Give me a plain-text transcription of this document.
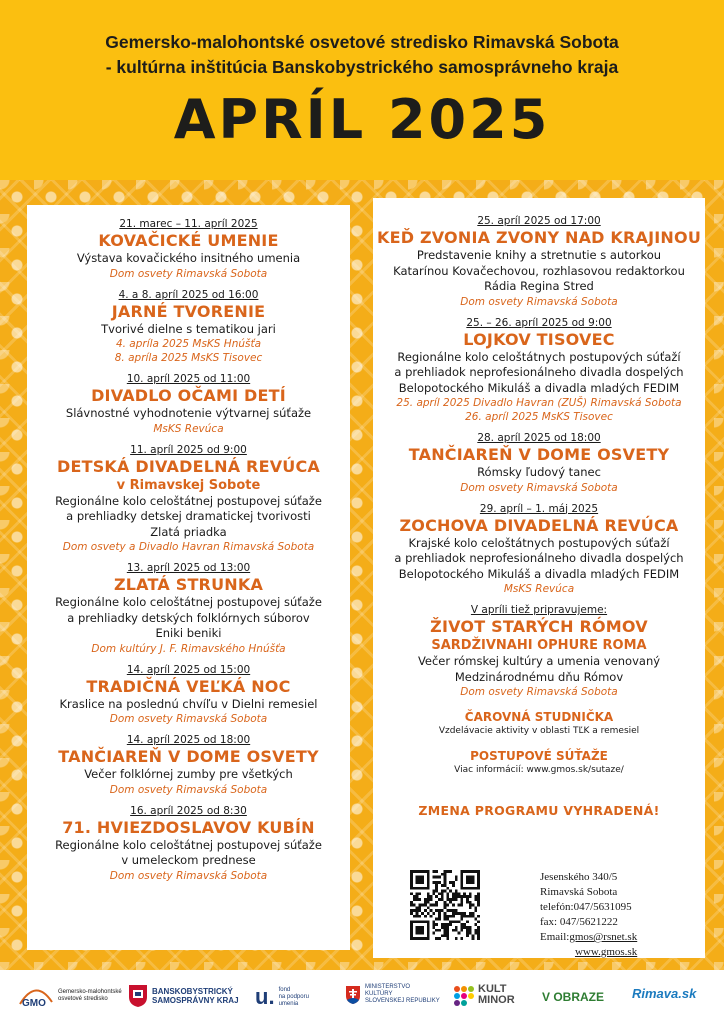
Gemersko-malohontské osvetové stredisko Rimavská Sobota
- kultúrna inštitúcia Banskobystrického samosprávneho kraja
APRÍL 2025
21. marec – 11. apríl 2025
KOVAČICKÉ UMENIE
Výstava kovačického insitného umenia
Dom osvety Rimavská Sobota
4. a 8. apríl 2025 od 16:00
JARNÉ TVORENIE
Tvorivé dielne s tematikou jari
4. apríla 2025 MsKS Hnúšťa
8. apríla 2025 MsKS Tisovec
10. apríl 2025 od 11:00
DIVADLO OČAMI DETÍ
Slávnostné vyhodnotenie výtvarnej súťaže
MsKS Revúca
11. apríl 2025 od 9:00
DETSKÁ DIVADELNÁ REVÚCA
v Rimavskej Sobote
Regionálne kolo celoštátnej postupovej súťaže
a prehliadky detskej dramatickej tvorivosti
Zlatá priadka
Dom osvety a Divadlo Havran Rimavská Sobota
13. apríl 2025 od 13:00
ZLATÁ STRUNKA
Regionálne kolo celoštátnej postupovej súťaže
a prehliadky detských folklórnych súborov
Eniki beniki
Dom kultúry J. F. Rimavského Hnúšťa
14. apríl 2025 od 15:00
TRADIČNÁ VEĽKÁ NOC
Kraslice na poslednú chvíľu v Dielni remesiel
Dom osvety Rimavská Sobota
14. apríl 2025 od 18:00
TANČIAREŇ V DOME OSVETY
Večer folklórnej zumby pre všetkých
Dom osvety Rimavská Sobota
16. apríl 2025 od 8:30
71. HVIEZDOSLAVOV KUBÍN
Regionálne kolo celoštátnej postupovej súťaže
v umeleckom prednese
Dom osvety Rimavská Sobota
25. apríl 2025 od 17:00
KEĎ ZVONIA ZVONY NAD KRAJINOU
Predstavenie knihy a stretnutie s autorkou
Katarínou Kovačechovou, rozhlasovou redaktorkou
Rádia Regina Stred
Dom osvety Rimavská Sobota
25. – 26. apríl 2025 od 9:00
LOJKOV TISOVEC
Regionálne kolo celoštátnych postupových súťaží
a prehliadok neprofesionálneho divadla dospelých
Belopotockého Mikuláš a divadla mladých FEDIM
25. apríl 2025 Divadlo Havran (ZUŠ) Rimavská Sobota
26. apríl 2025 MsKS Tisovec
28. apríl 2025 od 18:00
TANČIAREŇ V DOME OSVETY
Rómsky ľudový tanec
Dom osvety Rimavská Sobota
29. apríl – 1. máj 2025
ZOCHOVA DIVADELNÁ REVÚCA
Krajské kolo celoštátnych postupových súťaží
a prehliadok neprofesionálneho divadla dospelých
Belopotockého Mikuláš a divadla mladých FEDIM
MsKS Revúca
V apríli tiež pripravujeme:
ŽIVOT STARÝCH RÓMOV
SARDŽIVNAHI OPHURE ROMA
Večer rómskej kultúry a umenia venovaný
Medzinárodnému dňu Rómov
Dom osvety Rimavská Sobota
ČAROVNÁ STUDNIČKA
Vzdelávacie aktivity v oblasti TĽK a remesiel
POSTUPOVÉ SÚŤAŽE
Viac informácií: www.gmos.sk/sutaze/
ZMENA PROGRAMU VYHRADENÁ!
Jesenského 340/5
Rimavská Sobota
telefón:047/5631095
fax: 047/5621222
Email:gmos@rsnet.sk
www.gmos.sk
GMO
Gemersko-malohontské
osvetové stredisko
BANSKOBYSTRICKÝ
SAMOSPRÁVNY KRAJ u. fond
na podporu
umenia
MINISTERSTVO
KULTÚRY
SLOVENSKEJ REPUBLIKY
KULT
MINOR V OBRAZE Rimava.sk
